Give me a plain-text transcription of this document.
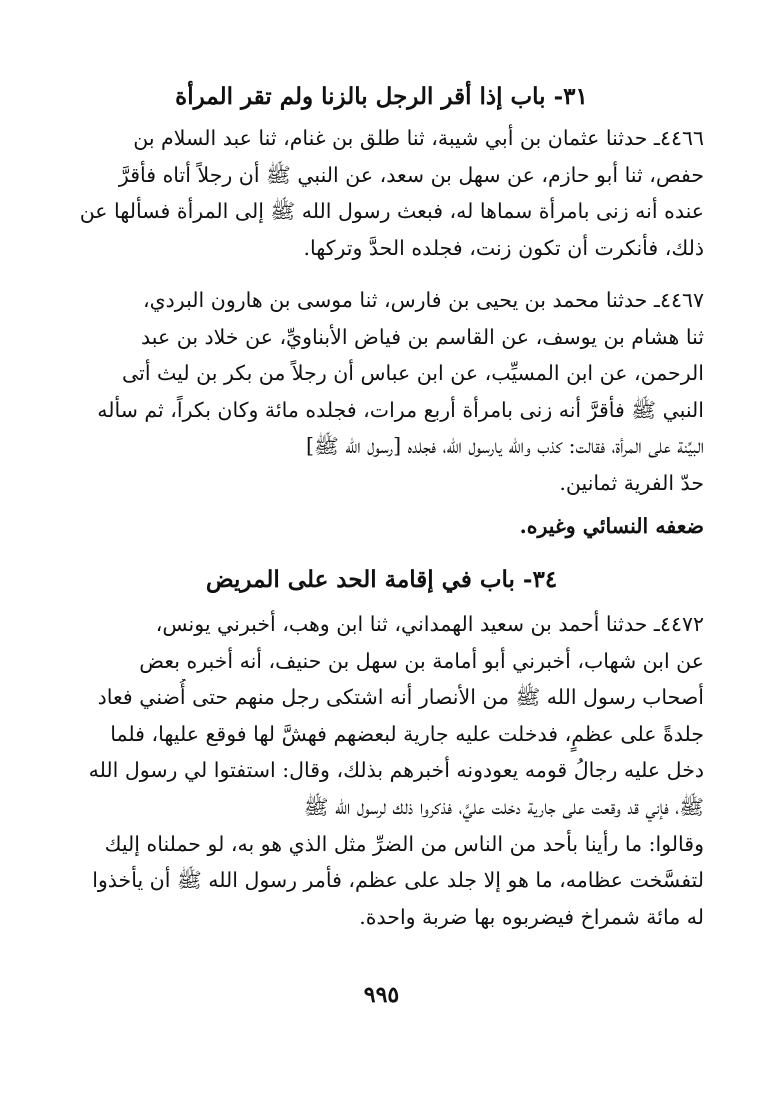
٣١- باب إذا أقر الرجل بالزنا ولم تقر المرأة

٤٤٦٦ـ حدثنا عثمان بن أبي شيبة، ثنا طلق بن غنام، ثنا عبد السلام بن
حفص، ثنا أبو حازم، عن سهل بن سعد، عن النبي ﷺ أن رجلاً أتاه فأقرَّ
عنده أنه زنى بامرأة سماها له، فبعث رسول الله ﷺ إلى المرأة فسألها عن
ذلك، فأنكرت أن تكون زنت، فجلده الحدَّ وتركها.

٤٤٦٧ـ حدثنا محمد بن يحيى بن فارس، ثنا موسى بن هارون البردي،
ثنا هشام بن يوسف، عن القاسم بن فياض الأبناويِّ، عن خلاد بن عبد
الرحمن، عن ابن المسيِّب، عن ابن عباس أن رجلاً من بكر بن ليث أتى
النبي ﷺ فأقرَّ أنه زنى بامرأة أربع مرات، فجلده مائة وكان بكراً، ثم سأله
البيِّنة على المرأة، فقالت: كذب والله يارسول الله، فجلده [رسول الله ﷺ]
حدّ الفرية ثمانين.

ضعفه النسائي وغيره.

٣٤- باب في إقامة الحد على المريض

٤٤٧٢ـ حدثنا أحمد بن سعيد الهمداني، ثنا ابن وهب، أخبرني يونس،
عن ابن شهاب، أخبرني أبو أمامة بن سهل بن حنيف، أنه أخبره بعض
أصحاب رسول الله ﷺ من الأنصار أنه اشتكى رجل منهم حتى أُضني فعاد
جلدةً على عظمٍ، فدخلت عليه جارية لبعضهم فهشَّ لها فوقع عليها، فلما
دخل عليه رجالُ قومه يعودونه أخبرهم بذلك، وقال: استفتوا لي رسول الله
ﷺ، فإني قد وقعت على جارية دخلت عليَّ، فذكروا ذلك لرسول الله ﷺ
وقالوا: ما رأينا بأحد من الناس من الضرِّ مثل الذي هو به، لو حملناه إليك
لتفسَّخت عظامه، ما هو إلا جلد على عظم، فأمر رسول الله ﷺ أن يأخذوا
له مائة شمراخ فيضربوه بها ضربة واحدة.

٩٩٥
